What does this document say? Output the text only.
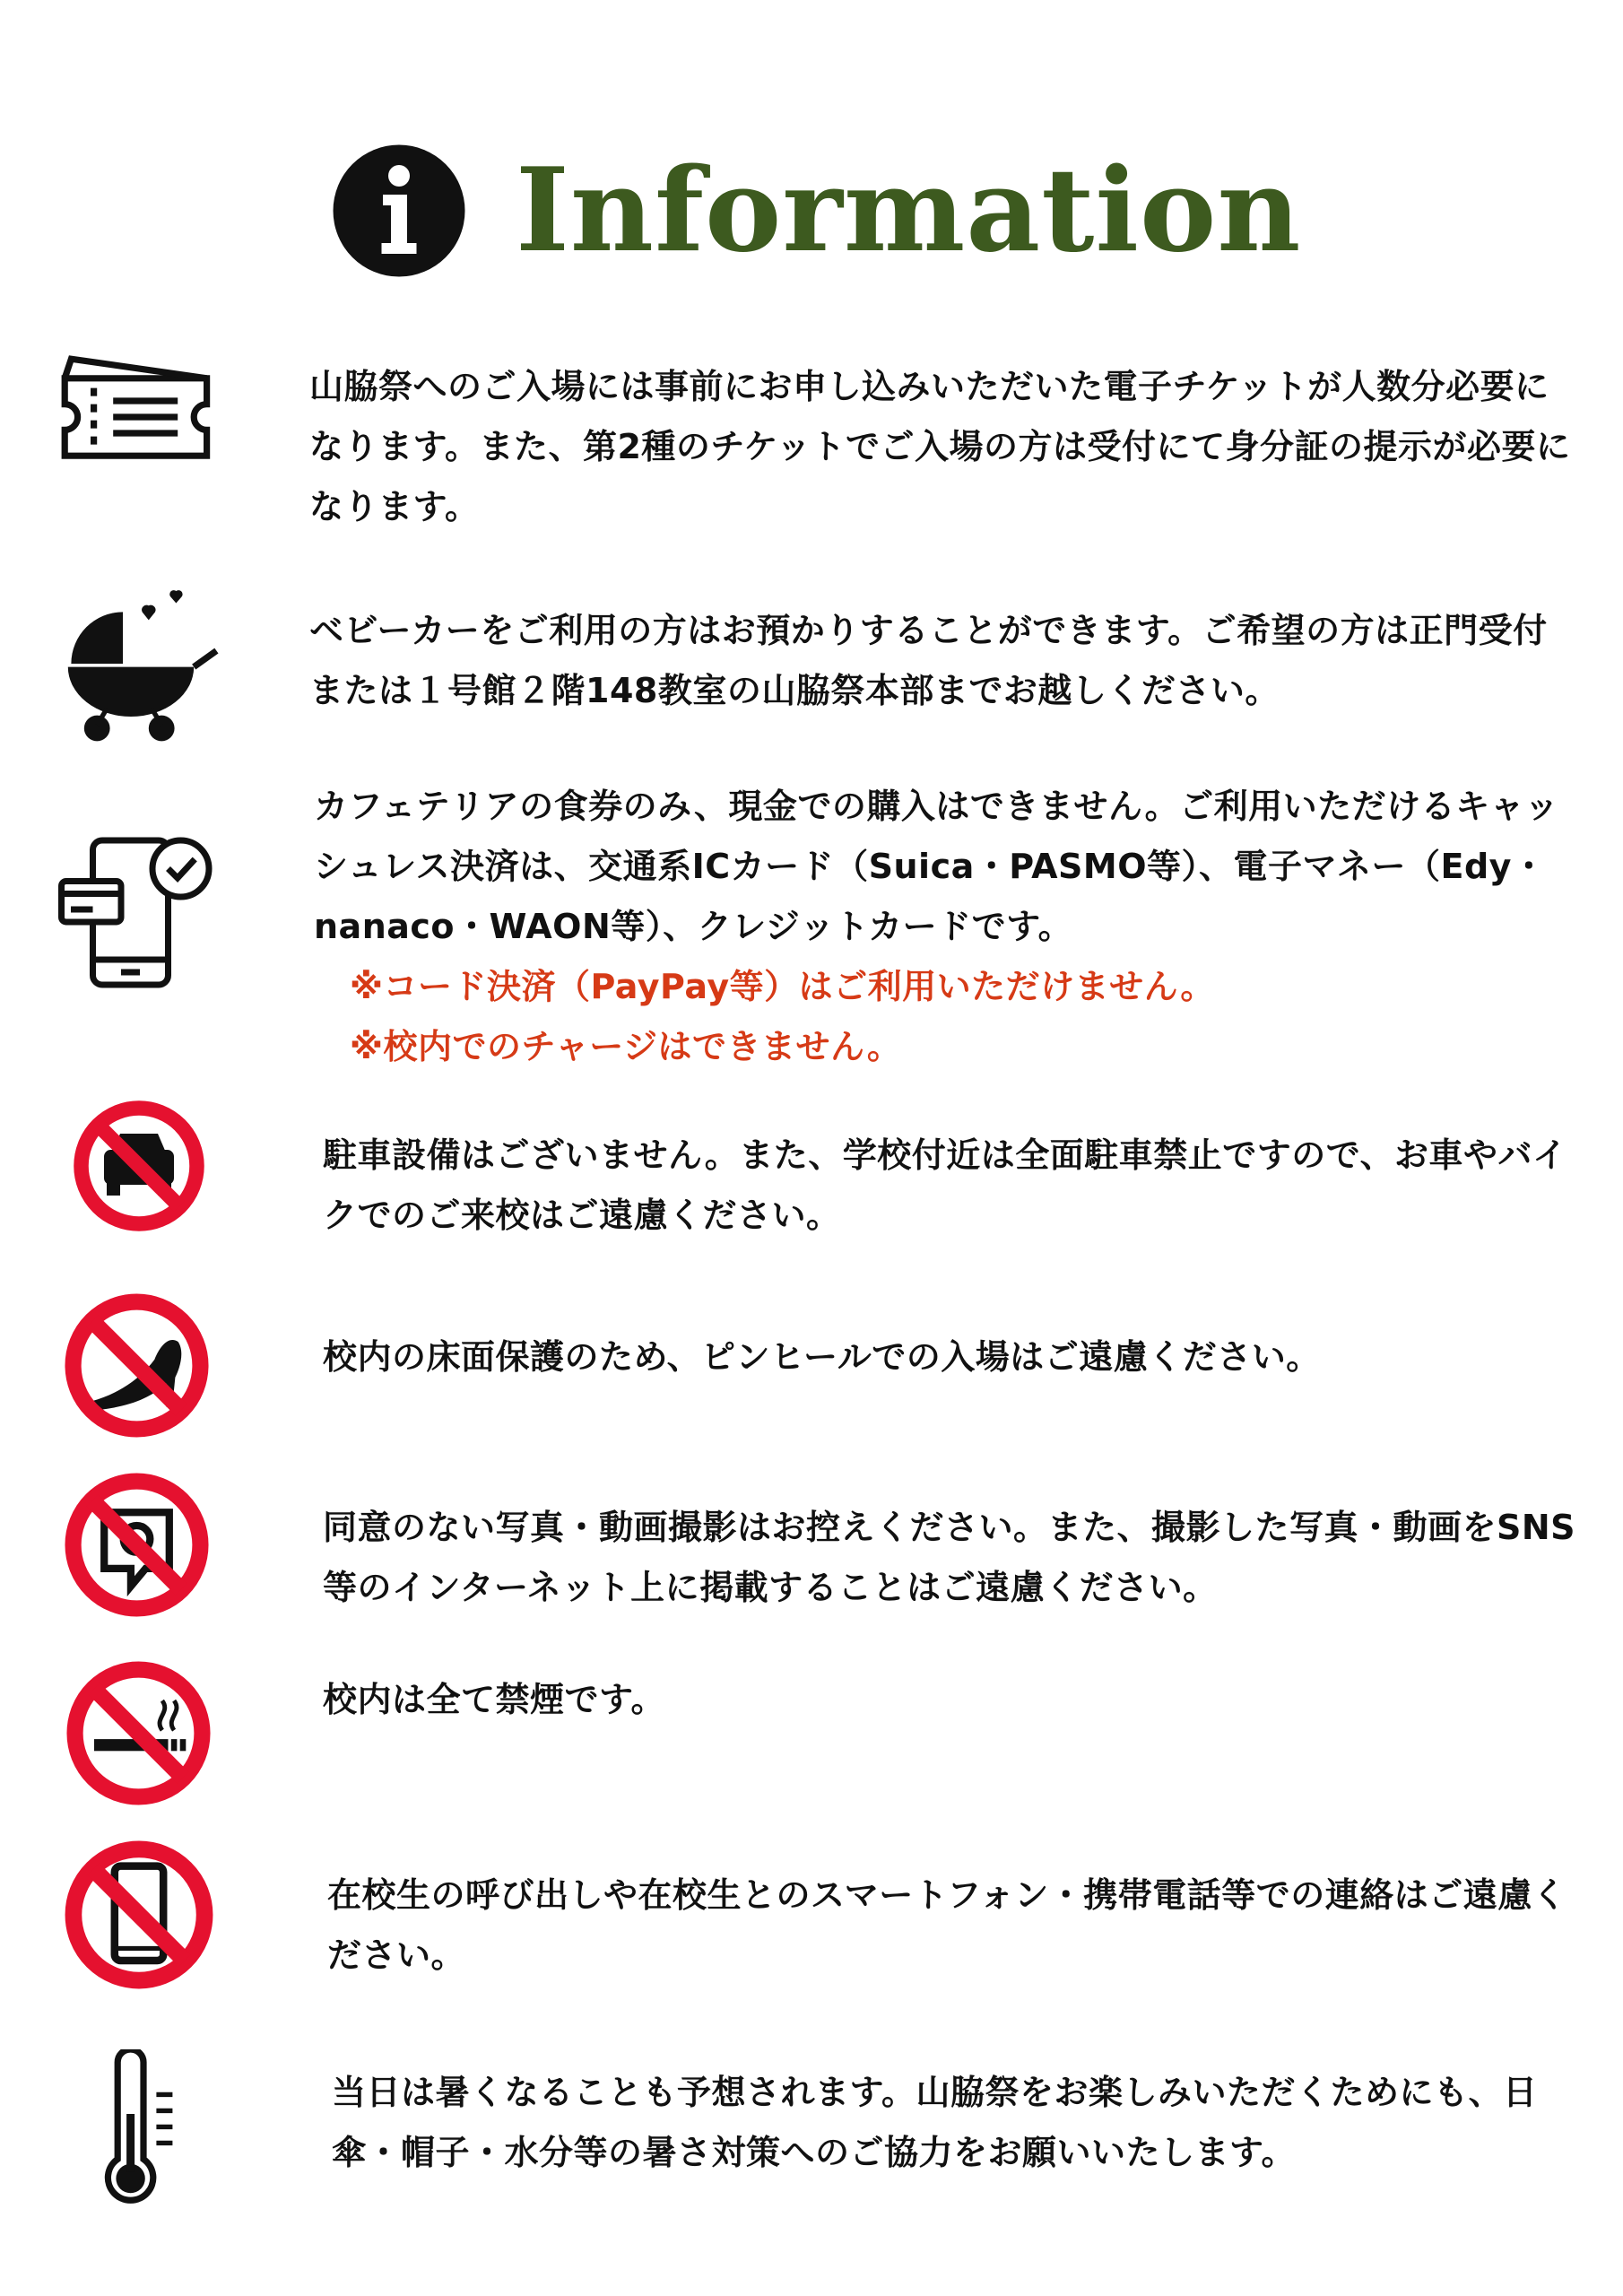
Information
山脇祭へのご入場には事前にお申し込みいただいた電子チケットが人数分必要になります。また、第2種のチケットでご入場の方は受付にて身分証の提示が必要になります。
ベビーカーをご利用の方はお預かりすることができます。ご希望の方は正門受付または１号館２階148教室の山脇祭本部までお越しください。

カフェテリアの食券のみ、現金での購入はできません。ご利用いただけるキャッシュレス決済は、交通系ICカード（Suica・PASMO等）、電子マネー（Edy・nanaco・WAON等）、クレジットカードです。

※コード決済（PayPay等）はご利用いただけません。

※校内でのチャージはできません。

駐車設備はございません。また、学校付近は全面駐車禁止ですので、お車やバイクでのご来校はご遠慮ください。
校内の床面保護のため、ピンヒールでの入場はご遠慮ください。
同意のない写真・動画撮影はお控えください。また、撮影した写真・動画をSNS等のインターネット上に掲載することはご遠慮ください。
校内は全て禁煙です。
在校生の呼び出しや在校生とのスマートフォン・携帯電話等での連絡はご遠慮ください。
当日は暑くなることも予想されます。山脇祭をお楽しみいただくためにも、日傘・帽子・水分等の暑さ対策へのご協力をお願いいたします。
